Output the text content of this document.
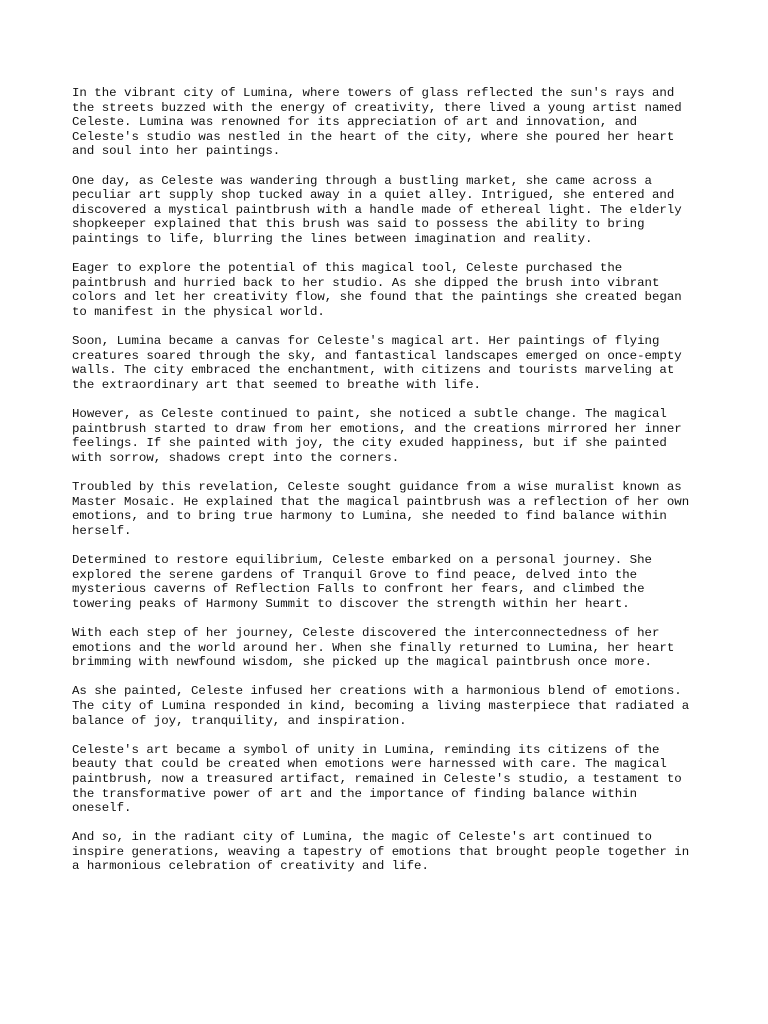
In the vibrant city of Lumina, where towers of glass reflected the sun's rays and
the streets buzzed with the energy of creativity, there lived a young artist named
Celeste. Lumina was renowned for its appreciation of art and innovation, and
Celeste's studio was nestled in the heart of the city, where she poured her heart
and soul into her paintings.

One day, as Celeste was wandering through a bustling market, she came across a
peculiar art supply shop tucked away in a quiet alley. Intrigued, she entered and
discovered a mystical paintbrush with a handle made of ethereal light. The elderly
shopkeeper explained that this brush was said to possess the ability to bring
paintings to life, blurring the lines between imagination and reality.

Eager to explore the potential of this magical tool, Celeste purchased the
paintbrush and hurried back to her studio. As she dipped the brush into vibrant
colors and let her creativity flow, she found that the paintings she created began
to manifest in the physical world.

Soon, Lumina became a canvas for Celeste's magical art. Her paintings of flying
creatures soared through the sky, and fantastical landscapes emerged on once-empty
walls. The city embraced the enchantment, with citizens and tourists marveling at
the extraordinary art that seemed to breathe with life.

However, as Celeste continued to paint, she noticed a subtle change. The magical
paintbrush started to draw from her emotions, and the creations mirrored her inner
feelings. If she painted with joy, the city exuded happiness, but if she painted
with sorrow, shadows crept into the corners.

Troubled by this revelation, Celeste sought guidance from a wise muralist known as
Master Mosaic. He explained that the magical paintbrush was a reflection of her own
emotions, and to bring true harmony to Lumina, she needed to find balance within
herself.

Determined to restore equilibrium, Celeste embarked on a personal journey. She
explored the serene gardens of Tranquil Grove to find peace, delved into the
mysterious caverns of Reflection Falls to confront her fears, and climbed the
towering peaks of Harmony Summit to discover the strength within her heart.

With each step of her journey, Celeste discovered the interconnectedness of her
emotions and the world around her. When she finally returned to Lumina, her heart
brimming with newfound wisdom, she picked up the magical paintbrush once more.

As she painted, Celeste infused her creations with a harmonious blend of emotions.
The city of Lumina responded in kind, becoming a living masterpiece that radiated a
balance of joy, tranquility, and inspiration.

Celeste's art became a symbol of unity in Lumina, reminding its citizens of the
beauty that could be created when emotions were harnessed with care. The magical
paintbrush, now a treasured artifact, remained in Celeste's studio, a testament to
the transformative power of art and the importance of finding balance within
oneself.

And so, in the radiant city of Lumina, the magic of Celeste's art continued to
inspire generations, weaving a tapestry of emotions that brought people together in
a harmonious celebration of creativity and life.
